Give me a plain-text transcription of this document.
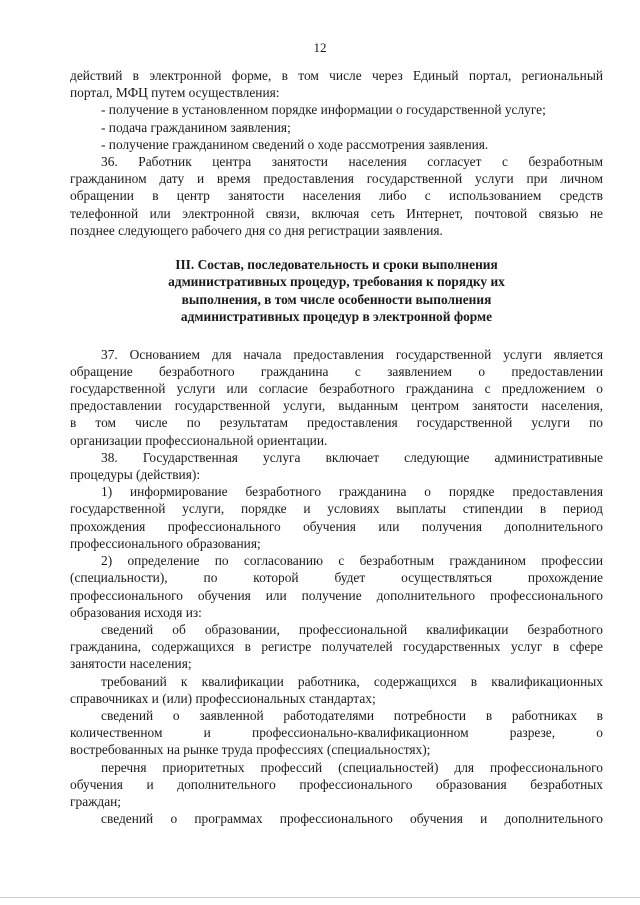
12
действий в электронной форме, в том числе через Единый портал, региональный
портал, МФЦ путем осуществления:
- получение в установленном порядке информации о государственной услуге;
- подача гражданином заявления;
- получение гражданином сведений о ходе рассмотрения заявления.
36. Работник центра занятости населения согласует с безработным
гражданином дату и время предоставления государственной услуги при личном
обращении в центр занятости населения либо с использованием средств
телефонной или электронной связи, включая сеть Интернет, почтовой связью не
позднее следующего рабочего дня со дня регистрации заявления.
III. Состав, последовательность и сроки выполнения
административных процедур, требования к порядку их
выполнения, в том числе особенности выполнения
административных процедур в электронной форме
37. Основанием для начала предоставления государственной услуги является
обращение безработного гражданина с заявлением о предоставлении
государственной услуги или согласие безработного гражданина с предложением о
предоставлении государственной услуги, выданным центром занятости населения,
в том числе по результатам предоставления государственной услуги по
организации профессиональной ориентации.
38. Государственная услуга включает следующие административные
процедуры (действия):
1) информирование безработного гражданина о порядке предоставления
государственной услуги, порядке и условиях выплаты стипендии в период
прохождения профессионального обучения или получения дополнительного
профессионального образования;
2) определение по согласованию с безработным гражданином профессии
(специальности), по которой будет осуществляться прохождение
профессионального обучения или получение дополнительного профессионального
образования исходя из:
сведений об образовании, профессиональной квалификации безработного
гражданина, содержащихся в регистре получателей государственных услуг в сфере
занятости населения;
требований к квалификации работника, содержащихся в квалификационных
справочниках и (или) профессиональных стандартах;
сведений о заявленной работодателями потребности в работниках в
количественном и профессионально-квалификационном разрезе, о
востребованных на рынке труда профессиях (специальностях);
перечня приоритетных профессий (специальностей) для профессионального
обучения и дополнительного профессионального образования безработных
граждан;
сведений о программах профессионального обучения и дополнительного
